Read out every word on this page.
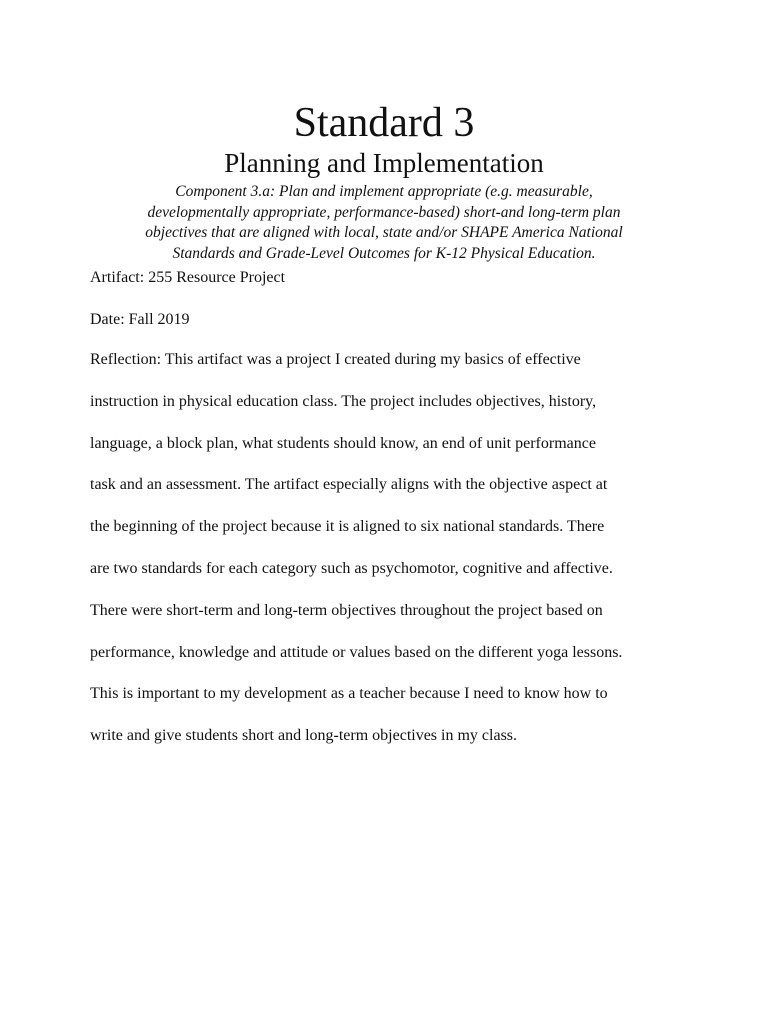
Standard 3
Planning and Implementation

Component 3.a: Plan and implement appropriate (e.g. measurable,
developmentally appropriate, performance-based) short-and long-term plan
objectives that are aligned with local, state and/or SHAPE America National
Standards and Grade-Level Outcomes for K-12 Physical Education.

Artifact: 255 Resource Project

Date: Fall 2019

Reflection: This artifact was a project I created during my basics of effective
instruction in physical education class. The project includes objectives, history,
language, a block plan, what students should know, an end of unit performance
task and an assessment. The artifact especially aligns with the objective aspect at
the beginning of the project because it is aligned to six national standards. There
are two standards for each category such as psychomotor, cognitive and affective.
There were short-term and long-term objectives throughout the project based on
performance, knowledge and attitude or values based on the different yoga lessons.
This is important to my development as a teacher because I need to know how to
write and give students short and long-term objectives in my class.
